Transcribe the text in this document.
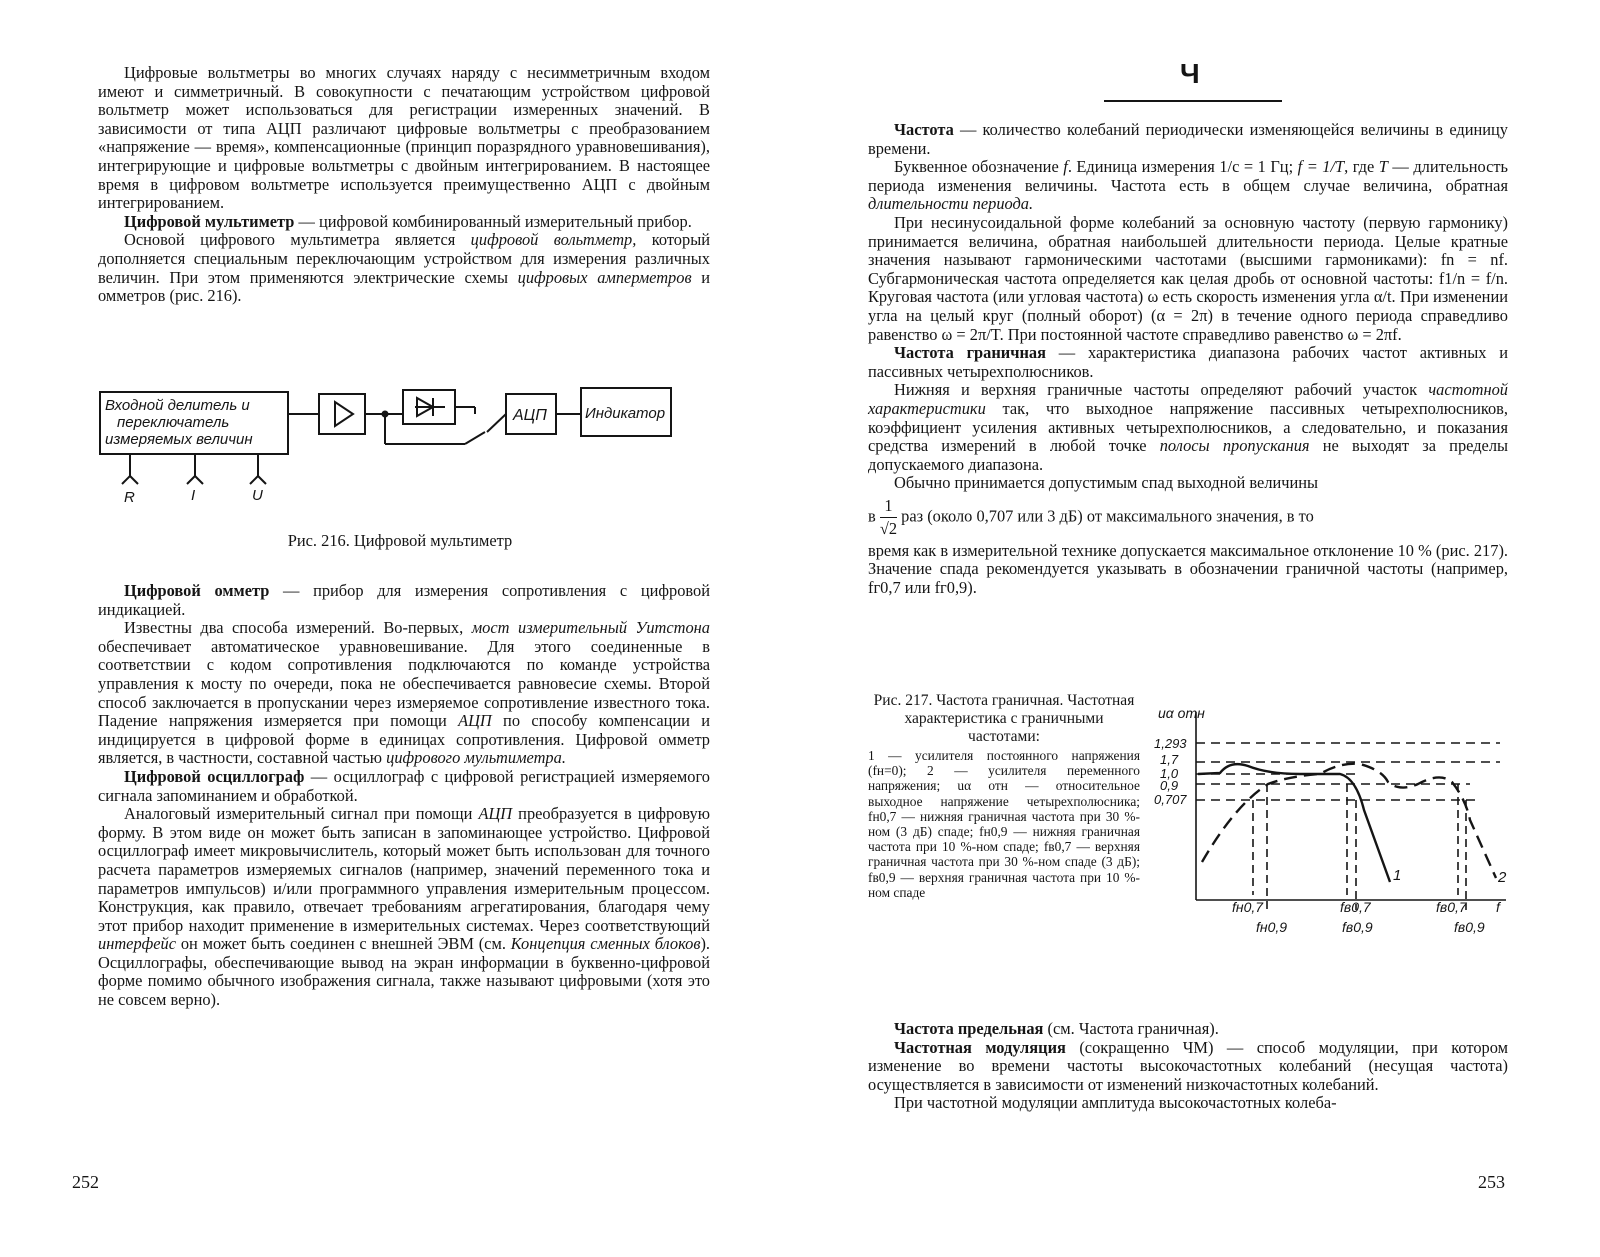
Цифровые вольтметры во многих случаях наряду с несимметричным входом имеют и симметричный. В совокупности с печатающим устройством цифровой вольтметр может использоваться для регистрации измеренных значений. В зависимости от типа АЦП различают цифровые вольтметры с преобразованием «напряжение — время», компенсационные (принцип поразрядного уравновешивания), интегрирующие и цифровые вольтметры с двойным интегрированием. В настоящее время в цифровом вольтметре используется преимущественно АЦП с двойным интегрированием.

Цифровой мультиметр — цифровой комбинированный измерительный прибор.

Основой цифрового мультиметра является цифровой вольтметр, который дополняется специальным переключающим устройством для измерения различных величин. При этом применяются электрические схемы цифровых амперметров и омметров (рис. 216).

Входной делитель и
переключатель
измеряемых величин
АЦП	Индикатор
R	I	U
Рис. 216. Цифровой мультиметр

Цифровой омметр — прибор для измерения сопротивления с цифровой индикацией.

Известны два способа измерений. Во-первых, мост измерительный Уитстона обеспечивает автоматическое уравновешивание. Для этого соединенные в соответствии с кодом сопротивления подключаются по команде устройства управления к мосту по очереди, пока не обеспечивается равновесие схемы. Второй способ заключается в пропускании через измеряемое сопротивление известного тока. Падение напряжения измеряется при помощи АЦП по способу компенсации и индицируется в цифровой форме в единицах сопротивления. Цифровой омметр является, в частности, составной частью цифрового мультиметра.

Цифровой осциллограф — осциллограф с цифровой регистрацией измеряемого сигнала запоминанием и обработкой.

Аналоговый измерительный сигнал при помощи АЦП преобразуется в цифровую форму. В этом виде он может быть записан в запоминающее устройство. Цифровой осциллограф имеет микровычислитель, который может быть использован для точного расчета параметров измеряемых сигналов (например, значений переменного тока и параметров импульсов) и/или программного управления измерительным процессом. Конструкция, как правило, отвечает требованиям агрегатирования, благодаря чему этот прибор находит применение в измерительных системах. Через соответствующий интерфейс он может быть соединен с внешней ЭВМ (см. Концепция сменных блоков). Осциллографы, обеспечивающие вывод на экран информации в буквенно-цифровой форме помимо обычного изображения сигнала, также называют цифровыми (хотя это не совсем верно).

252
Ч

Частота — количество колебаний периодически изменяющейся величины в единицу времени.

Буквенное обозначение f. Единица измерения 1/с = 1 Гц; f = 1/T, где T — длительность периода изменения величины. Частота есть в общем случае величина, обратная длительности периода.

При несинусоидальной форме колебаний за основную частоту (первую гармонику) принимается величина, обратная наибольшей длительности периода. Целые кратные значения называют гармоническими частотами (высшими гармониками): fn = nf. Субгармоническая частота определяется как целая дробь от основной частоты: f1/n = f/n. Круговая частота (или угловая частота) ω есть скорость изменения угла α/t. При изменении угла на целый круг (полный оборот) (α = 2π) в течение одного периода справедливо равенство ω = 2π/T. При постоянной частоте справедливо равенство ω = 2πf.

Частота граничная — характеристика диапазона рабочих частот активных и пассивных четырехполюсников.

Нижняя и верхняя граничные частоты определяют рабочий участок частотной характеристики так, что выходное напряжение пассивных четырехполюсников, коэффициент усиления активных четырехполюсников, а следовательно, и показания средства измерений в любой точке полосы пропускания не выходят за пределы допускаемого диапазона.

Обычно принимается допустимым спад выходной величины

в $\frac{1}{√2}$ раз (около 0,707 или 3 дБ) от максимального значения, в то

время как в измерительной технике допускается максимальное отклонение 10 % (рис. 217). Значение спада рекомендуется указывать в обозначении граничной частоты (например, fг0,7 или fг0,9).

Рис. 217. Частота граничная. Частотная характеристика с граничными частотами:

1 — усилителя постоянного напряжения (fн=0); 2 — усилителя переменного напряжения; uα отн — относительное выходное напряжение четырехполюсника; fн0,7 — нижняя граничная частота при 30 %-ном (3 дБ) спаде; fн0,9 — нижняя граничная частота при 10 %-ном спаде; fв0,7 — верхняя граничная частота при 30 %-ном спаде (3 дБ); fв0,9 — верхняя граничная частота при 10 %-ном спаде

uα отн
1,293
1,7
1,0
0,9
0,707
1	2
fн0,7	fв0,7	fв0,7 f
fн0,9	fв0,9	fв0,9

Частота предельная (см. Частота граничная).

Частотная модуляция (сокращенно ЧМ) — способ модуляции, при котором изменение во времени частоты высокочастотных колебаний (несущая частота) осуществляется в зависимости от изменений низкочастотных колебаний.

При частотной модуляции амплитуда высокочастотных колеба-

253
